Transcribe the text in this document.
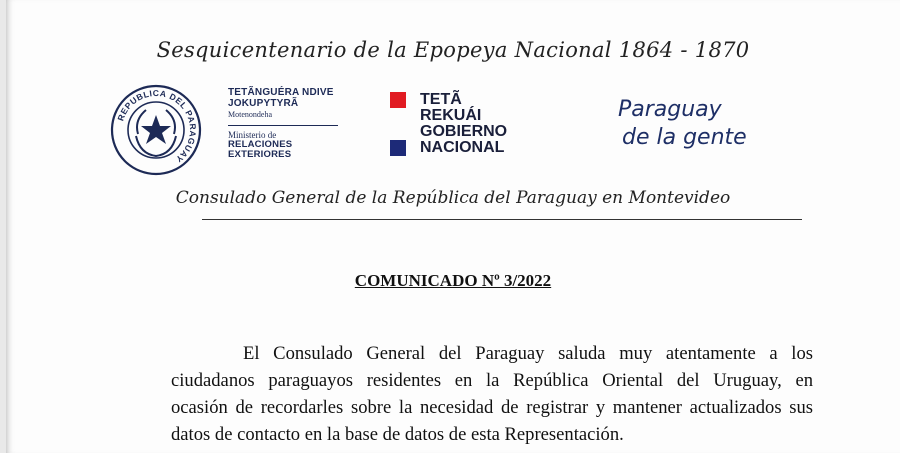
Sesquicentenario de la Epopeya Nacional 1864 - 1870
REPUBLICA DEL PARAGUAY
TETÃNGUÉRA NDIVE
JOKUPYTYRÃ
Motenondeha
Ministerio de
RELACIONES
EXTERIORES
TETÃ
REKUÁI
GOBIERNO
NACIONAL
Paraguay
de la gente
Consulado General de la República del Paraguay en Montevideo
COMUNICADO Nº 3/2022
El Consulado General del Paraguay saluda muy atentamente a los
ciudadanos paraguayos residentes en la República Oriental del Uruguay, en
ocasión de recordarles sobre la necesidad de registrar y mantener actualizados sus
datos de contacto en la base de datos de esta Representación.
